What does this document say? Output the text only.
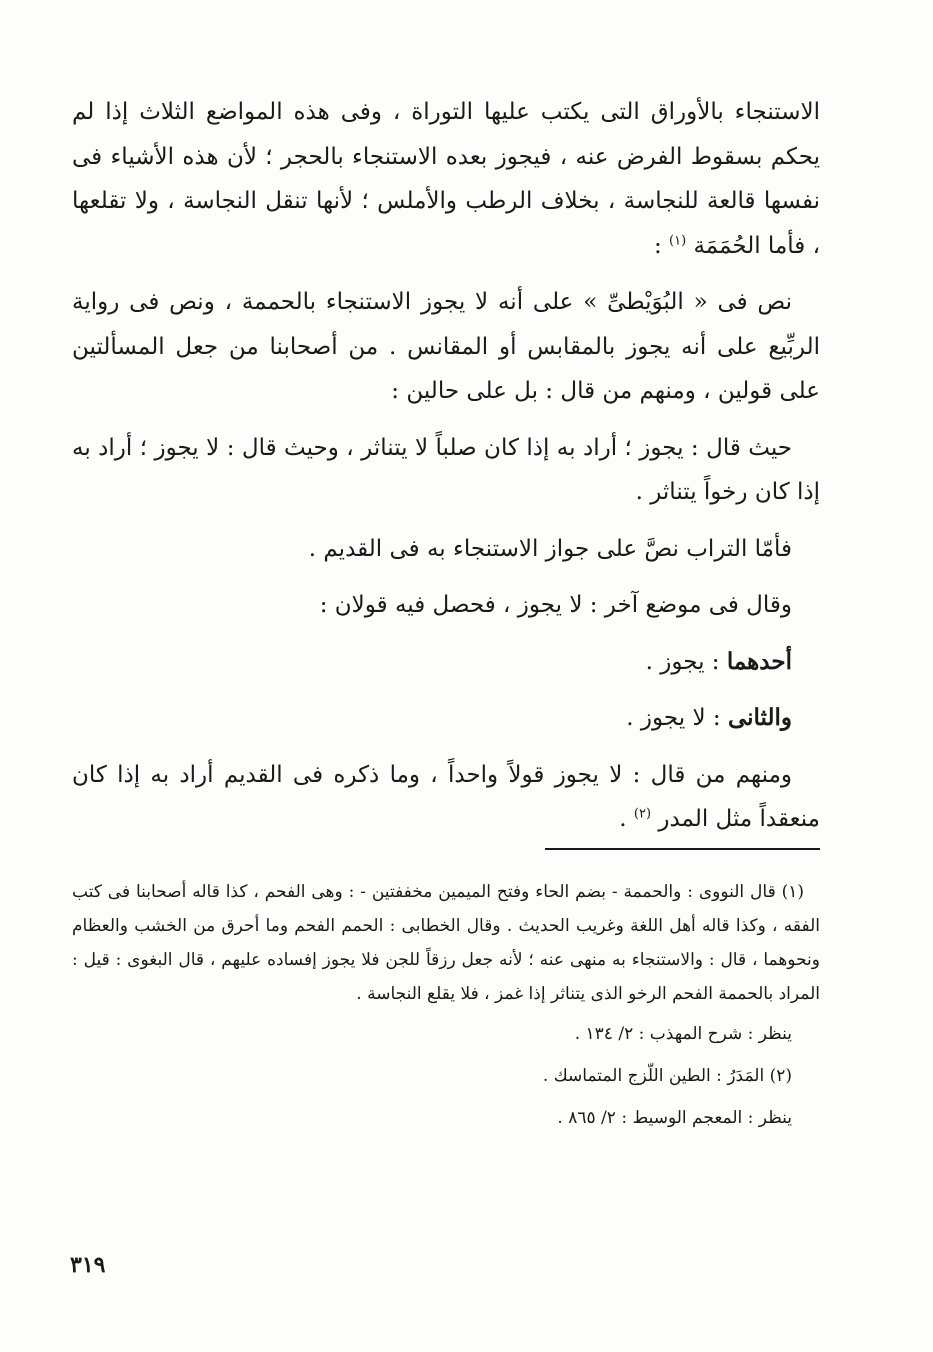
الاستنجاء بالأوراق التى يكتب عليها التوراة ، وفى هذه المواضع الثلاث إذا لم يحكم بسقوط الفرض عنه ، فيجوز بعده الاستنجاء بالحجر ؛ لأن هذه الأشياء فى نفسها قالعة للنجاسة ، بخلاف الرطب والأملس ؛ لأنها تنقل النجاسة ، ولا تقلعها ، فأما الحُمَمَة $^{(١)}$ :

نص فى « البُوَيْطىِّ » على أنه لا يجوز الاستنجاء بالحممة ، ونص فى رواية الربِّيع على أنه يجوز بالمقابس أو المقانس . من أصحابنا من جعل المسألتين على قولين ، ومنهم من قال : بل على حالين :

حيث قال : يجوز ؛ أراد به إذا كان صلباً لا يتناثر ، وحيث قال : لا يجوز ؛ أراد به إذا كان رخواً يتناثر .

فأمّا التراب نصَّ على جواز الاستنجاء به فى القديم .

وقال فى موضع آخر : لا يجوز ، فحصل فيه قولان :

أحدهما : يجوز .

والثانى : لا يجوز .

ومنهم من قال : لا يجوز قولاً واحداً ، وما ذكره فى القديم أراد به إذا كان منعقداً مثل المدر $^{(٢)}$ .

(١) قال النووى : والحممة - بضم الحاء وفتح الميمين مخففتين - : وهى الفحم ، كذا قاله أصحابنا فى كتب الفقه ، وكذا قاله أهل اللغة وغريب الحديث . وقال الخطابى : الحمم الفحم وما أحرق من الخشب والعظام ونحوهما ، قال : والاستنجاء به منهى عنه ؛ لأنه جعل رزقاً للجن فلا يجوز إفساده عليهم ، قال البغوى : قيل : المراد بالحممة الفحم الرخو الذى يتناثر إذا غمز ، فلا يقلع النجاسة .

ينظر : شرح المهذب : ٢/ ١٣٤ .

(٢) المَدَرُ : الطين اللّزج المتماسك .

ينظر : المعجم الوسيط : ٢/ ٨٦٥ .

٣١٩
